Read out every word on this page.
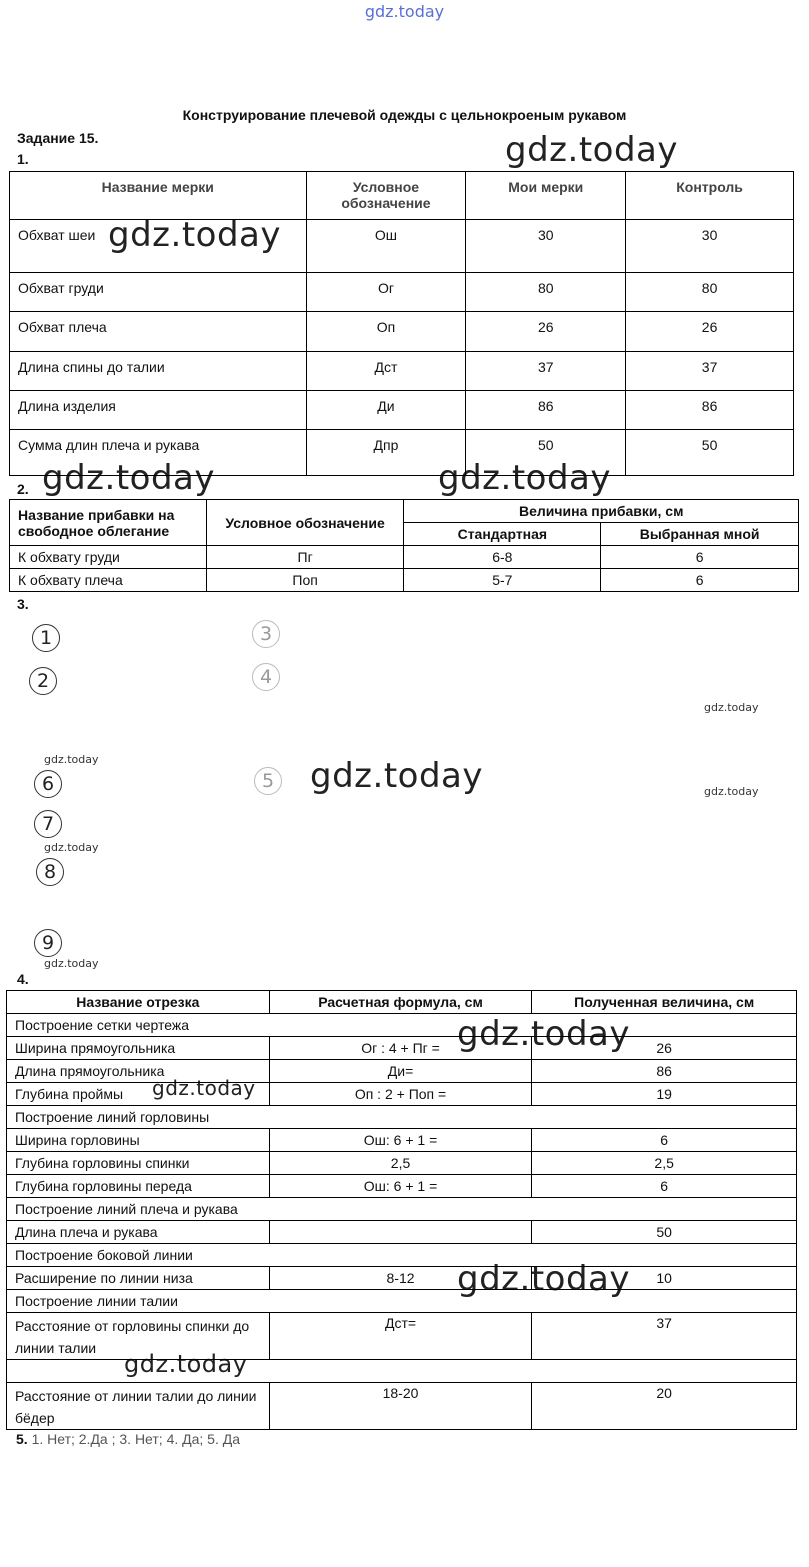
gdz.today
gdz.today
gdz.today
gdz.today	gdz.today
gdz.today
gdz.today
gdz.today
gdz.today
gdz.today
gdz.today
gdz.today
gdz.today
gdz.today
gdz.today
Конструирование плечевой одежды с цельнокроеным рукавом
Задание 15.
1.
Название мерки	Условное обозначение	Мои мерки	Контроль
Обхват шеи	Ош	30	30
Обхват груди	Ог	80	80
Обхват плеча	Оп	26	26
Длина спины до талии	Дст	37	37
Длина изделия	Ди	86	86
Сумма длин плеча и рукава	Дпр	50	50
2.
Название прибавки на свободное облегание	Условное обозначение	Величина прибавки, см	
		Стандартная	Выбранная мной
К обхвату груди	Пг	6-8	6
К обхвату плеча	Поп	5-7	6
3.
1
2
3
4
5
6
7
8
9
4.
Название отрезка	Расчетная формула, см	Полученная величина, см
Построение сетки чертежа		
Ширина прямоугольника	Ог : 4 + Пг =	26
Длина прямоугольника	Ди=	86
Глубина проймы	Оп : 2 + Поп =	19
Построение линий горловины		
Ширина горловины	Ош: 6 + 1 =	6
Глубина горловины спинки	2,5	2,5
Глубина горловины переда	Ош: 6 + 1 =	6
Построение линий плеча и рукава		
Длина плеча и рукава		50
Построение боковой линии		
Расширение по линии низа	8-12	10
Построение линии талии		
Расстояние от горловины спинки до линии талии	Дст=	37

Расстояние от линии талии до линии бёдер	18-20	20
5. 1. Нет; 2.Да ; 3. Нет; 4. Да; 5. Да
